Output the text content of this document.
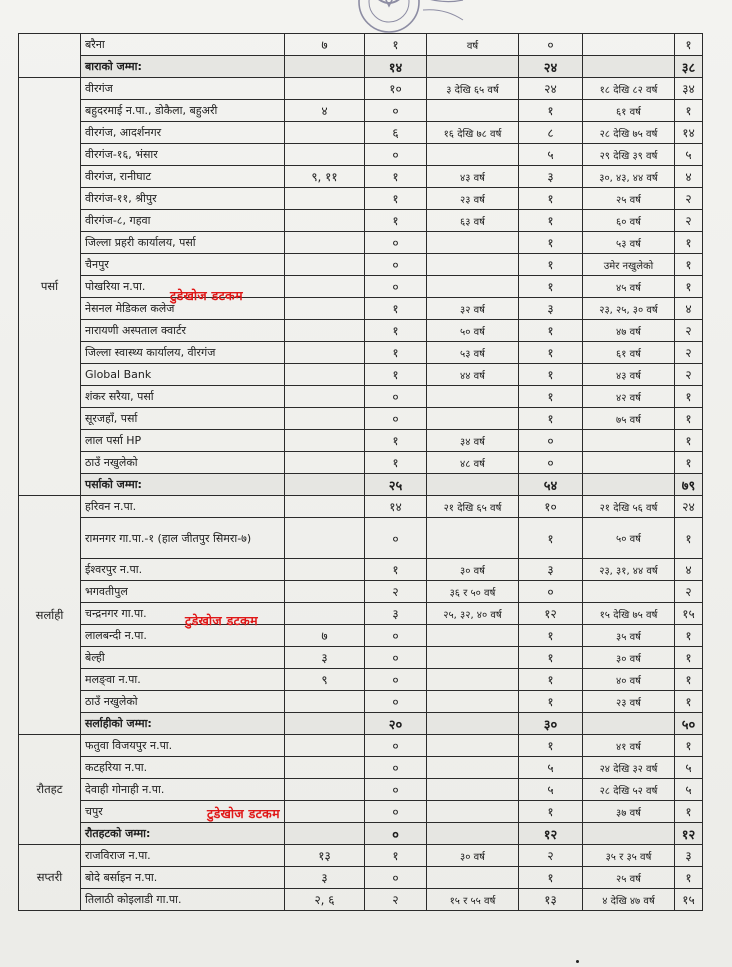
	बरैना	७	१	वर्ष	०		१
	बाराको जम्मा:		१४		२४		३८
पर्सा	वीरगंज		१०	३ देखि ६५ वर्ष	२४	१८ देखि ८२ वर्ष	३४
	बहुदरमाई न.पा., डोकैला, बहुअरी	४	०		१	६१ वर्ष	१
	वीरगंज, आदर्शनगर		६	१६ देखि ७८ वर्ष	८	२८ देखि ७५ वर्ष	१४
	वीरगंज-१६, भंसार		०		५	२९ देखि ३९ वर्ष	५
	वीरगंज, रानीघाट	९, ११	१	४३ वर्ष	३	३०, ४३, ४४ वर्ष	४
	वीरगंज-११, श्रीपुर		१	२३ वर्ष	१	२५ वर्ष	२
	वीरगंज-८, गहवा		१	६३ वर्ष	१	६० वर्ष	२
	जिल्ला प्रहरी कार्यालय, पर्सा		०		१	५३ वर्ष	१
	चैनपुर		०		१	उमेर नखुलेको	१
	पोखरिया न.पा.		०		१	४५ वर्ष	१
	नेसनल मेडिकल कलेज		१	३२ वर्ष	३	२३, २५, ३० वर्ष	४
	नारायणी अस्पताल क्वार्टर		१	५० वर्ष	१	४७ वर्ष	२
	जिल्ला स्वास्थ्य कार्यालय, वीरगंज		१	५३ वर्ष	१	६१ वर्ष	२
	Global Bank		१	४४ वर्ष	१	४३ वर्ष	२
	शंकर सरैया, पर्सा		०		१	४२ वर्ष	१
	सूरजहाँ, पर्सा		०		१	७५ वर्ष	१
	लाल पर्सा HP		१	३४ वर्ष	०		१
	ठाउँ नखुलेको		१	४८ वर्ष	०		१
	पर्साको जम्मा:		२५		५४		७९
सर्लाही	हरिवन न.पा.		१४	२१ देखि ६५ वर्ष	१०	२१ देखि ५६ वर्ष	२४
	रामनगर गा.पा.-१ (हाल जीतपुर सिमरा-७)		०		१	५० वर्ष	१
	ईश्वरपुर न.पा.		१	३० वर्ष	३	२३, ३१, ४४ वर्ष	४
	भगवतीपुल		२	३६ र ५० वर्ष	०		२
	चन्द्रनगर गा.पा.		३	२५, ३२, ४० वर्ष	१२	१५ देखि ७५ वर्ष	१५
	लालबन्दी न.पा.	७	०		१	३५ वर्ष	१
	बेल्ही	३	०		१	३० वर्ष	१
	मलङ्वा न.पा.	९	०		१	४० वर्ष	१
	ठाउँ नखुलेको		०		१	२३ वर्ष	१
	सर्लाहीको जम्मा:		२०		३०		५०
रौतहट	फतुवा विजयपुर न.पा.		०		१	४१ वर्ष	१
	कटहरिया न.पा.		०		५	२४ देखि ३२ वर्ष	५
	देवाही गोनाही न.पा.		०		५	२८ देखि ५२ वर्ष	५
	चपुर		०		१	३७ वर्ष	१
	रौतहटको जम्मा:		०		१२		१२
सप्तरी	राजविराज न.पा.	१३	१	३० वर्ष	२	३५ र ३५ वर्ष	३
	बोदे बर्साइन न.पा.	३	०		१	२५ वर्ष	१
	तिलाठी कोइलाडी गा.पा.	२, ६	२	१५ र ५५ वर्ष	१३	४ देखि ४७ वर्ष	१५
टुडेखोज डटकम
टुडेखोज डटकम
टुडेखोज डटकम
